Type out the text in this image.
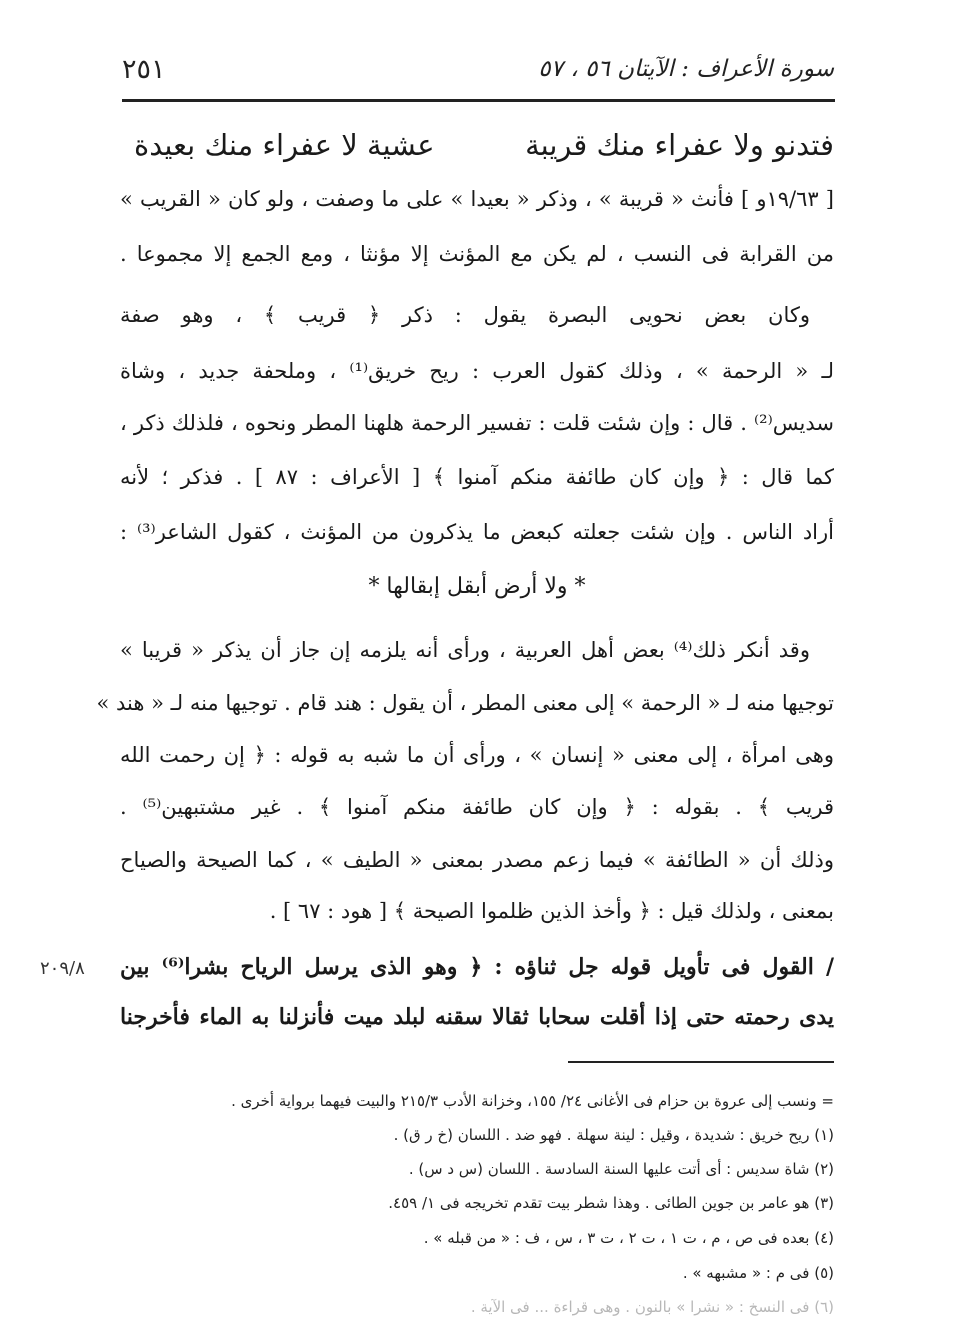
٢٥١	سورة الأعراف : الآيتان ٥٦ ، ٥٧
فتدنو ولا عفراء منك قريبة
عشية لا عفراء منك بعيدة
[ ١٩/٦٣و ] فأنث « قريبة » ، وذكر « بعيدا » على ما وصفت ، ولو كان « القريب »
من القرابة فى النسب ، لم يكن مع المؤنث إلا مؤنثا ، ومع الجمع إلا مجموعا .
وكان بعض نحويى البصرة يقول : ذكر ﴿ قريب ﴾ ، وهو صفة
لـ « الرحمة » ، وذلك كقول العرب : ريح خريق⁽¹⁾ ، وملحفة جديد ، وشاة
سديس⁽²⁾ . قال : وإن شئت قلت : تفسير الرحمة هلهنا المطر ونحوه ، فلذلك ذكر ،
كما قال : ﴿ وإن كان طائفة منكم آمنوا ﴾ [ الأعراف : ٨٧ ] . فذكر ؛ لأنه
أراد الناس . وإن شئت جعلته كبعض ما يذكرون من المؤنث ، كقول الشاعر⁽³⁾ :
* ولا أرض أبقل إبقالها *
وقد أنكر ذلك⁽⁴⁾ بعض أهل العربية ، ورأى أنه يلزمه إن جاز أن يذكر « قريبا »
توجيها منه لـ « الرحمة » إلى معنى المطر ، أن يقول : هند قام . توجيها منه لـ « هند »
وهى امرأة ، إلى معنى « إنسان » ، ورأى أن ما شبه به قوله : ﴿ إن رحمت الله
قريب ﴾ . بقوله : ﴿ وإن كان طائفة منكم آمنوا ﴾ . غير مشتبهين⁽⁵⁾ .
وذلك أن « الطائفة » فيما زعم مصدر بمعنى « الطيف » ، كما الصيحة والصياح
بمعنى ، ولذلك قيل : ﴿ وأخذ الذين ظلموا الصيحة ﴾ [ هود : ٦٧ ] .
/ القول فى تأويل قوله جل ثناؤه : ﴿ وهو الذى يرسل الرياح بشرا⁽⁶⁾ بين
٢٠٩/٨
يدى رحمته حتى إذا أقلت سحابا ثقالا سقنه لبلد ميت فأنزلنا به الماء فأخرجنا
= ونسب إلى عروة بن حزام فى الأغانى ٢٤/ ١٥٥، وخزانة الأدب ٢١٥/٣ والبيت فيهما برواية أخرى .
(١) ريح خريق : شديدة ، وقيل : لينة سهلة . فهو ضد . اللسان (خ ر ق) .
(٢) شاة سديس : أى أتت عليها السنة السادسة . اللسان (س د س) .
(٣) هو عامر بن جوين الطائى . وهذا شطر بيت تقدم تخريجه فى ١/ ٤٥٩.
(٤) بعده فى ص ، م ، ت ١ ، ت ٢ ، ت ٣ ، س ، ف : « من قبله » .
(٥) فى م : « مشبهه » .
(٦) فى النسخ : « نشرا » بالنون . وهى قراءة ... فى الآية .
